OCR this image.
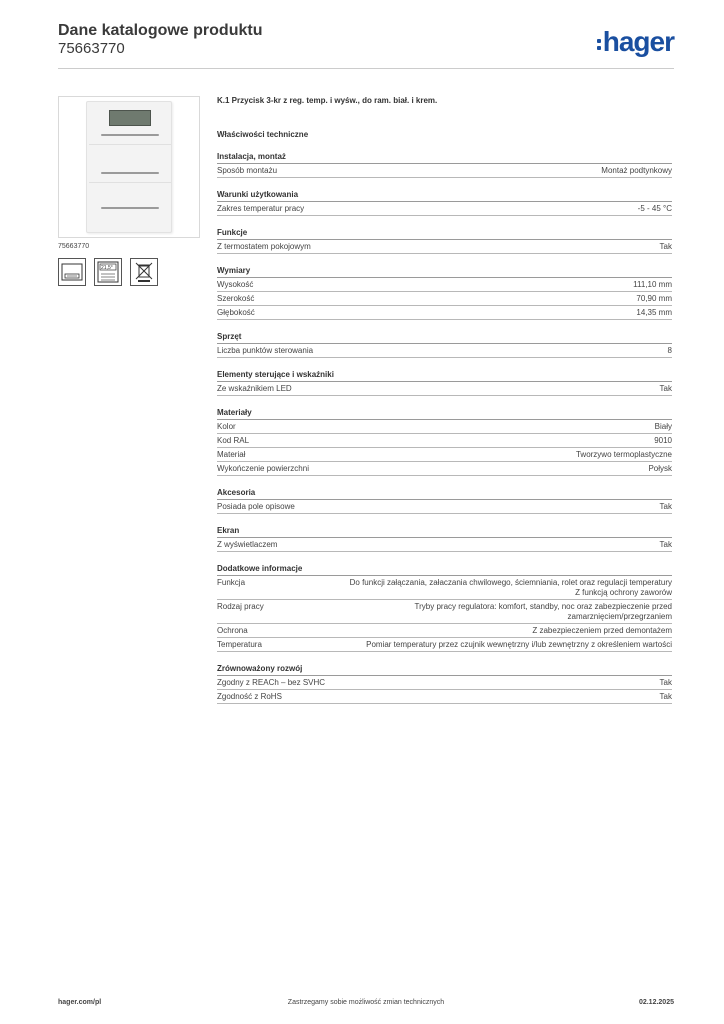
Dane katalogowe produktu
75663770	hager
75663770
21,5°
K.1 Przycisk 3-kr z reg. temp. i wyśw., do ram. biał. i krem.
Właściwości techniczne
Instalacja, montaż
Sposób montażu	Montaż podtynkowy
Warunki użytkowania
Zakres temperatur pracy	-5 - 45 °C
Funkcje
Z termostatem pokojowym	Tak
Wymiary
Wysokość	111,10 mm
Szerokość	70,90 mm
Głębokość	14,35 mm
Sprzęt
Liczba punktów sterowania	8
Elementy sterujące i wskaźniki
Ze wskaźnikiem LED	Tak
Materiały
Kolor	Biały
Kod RAL	9010
Materiał	Tworzywo termoplastyczne
Wykończenie powierzchni	Połysk
Akcesoria
Posiada pole opisowe	Tak
Ekran
Z wyświetlaczem	Tak
Dodatkowe informacje
Funkcja	Do funkcji załączania, załaczania chwilowego, ściemniania, rolet oraz regulacji temperatury
Z funkcją ochrony zaworów
Rodzaj pracy	Tryby pracy regulatora: komfort, standby, noc oraz zabezpieczenie przed zamarznięciem/przegrzaniem
Ochrona	Z zabezpieczeniem przed demontażem
Temperatura	Pomiar temperatury przez czujnik wewnętrzny i/lub zewnętrzny z określeniem wartości
Zrównoważony rozwój
Zgodny z REACh – bez SVHC	Tak
Zgodność z RoHS	Tak
hager.com/pl	Zastrzegamy sobie możliwość zmian technicznych	02.12.2025
